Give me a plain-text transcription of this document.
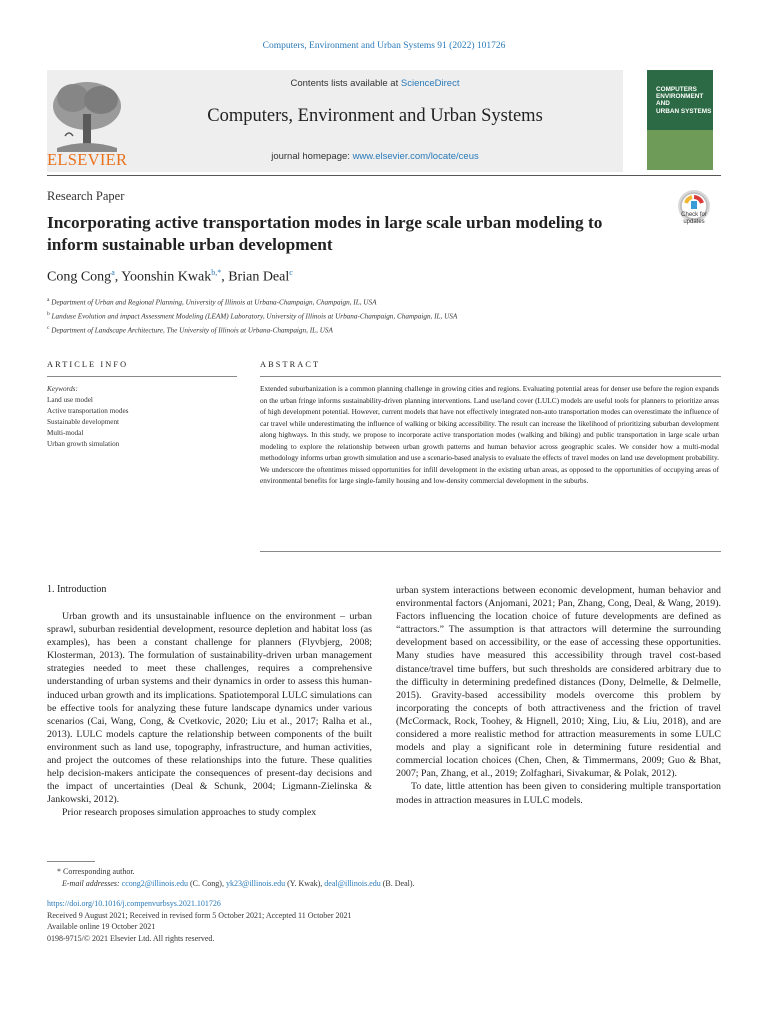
Computers, Environment and Urban Systems 91 (2022) 101726
ELSEVIER
Contents lists available at ScienceDirect
Computers, Environment and Urban Systems
journal homepage: www.elsevier.com/locate/ceus
COMPUTERS
ENVIRONMENT
AND
URBAN SYSTEMS
Research Paper
Incorporating active transportation modes in large scale urban modeling to inform sustainable urban development
Check for updates
Cong Cong$^a$, Yoonshin Kwak$^{b,*}$, Brian Deal$^c$
$^a$ Department of Urban and Regional Planning, University of Illinois at Urbana-Champaign, Champaign, IL, USA
$^b$ Landuse Evolution and impact Assessment Modeling (LEAM) Laboratory, University of Illinois at Urbana-Champaign, Champaign, IL, USA
$^c$ Department of Landscape Architecture, The University of Illinois at Urbana-Champaign, IL, USA
ARTICLE INFO
Keywords:
Land use model
Active transportation modes
Sustainable development
Multi-modal
Urban growth simulation
ABSTRACT
Extended suburbanization is a common planning challenge in growing cities and regions. Evaluating potential areas for denser use before the region expands on the urban fringe informs sustainability-driven planning interventions. Land use/land cover (LULC) models are useful tools for planners to prioritize areas of high development potential. However, current models that have not effectively integrated non-auto transportation modes can overestimate the influence of car travel while underestimating the influence of walking or biking accessibility. The result can increase the likelihood of prioritizing suburban development along highways. In this study, we propose to incorporate active transportation modes (walking and biking) and public transportation in large scale urban modeling to explore the relationship between urban growth patterns and human behavior across geographic scales. We consider how a multi-modal methodology informs urban growth simulation and use a scenario-based analysis to evaluate the effects of travel modes on land use development probability. We underscore the oftentimes missed opportunities for infill development in the existing urban areas, as opposed to the opportunities of occupying areas of environmental benefits for large single-family housing and low-density commercial development in the suburbs.
1. Introduction
Urban growth and its unsustainable influence on the environment – urban sprawl, suburban residential development, resource depletion and habitat loss (as examples), has been a constant challenge for planners (Flyvbjerg, 2008; Klosterman, 2013). The formulation of sustainability-driven urban management strategies needed to meet these challenges, requires a comprehensive understanding of urban systems and their dynamics in order to assess this human-induced urban growth and its implications. Spatiotemporal LULC simulations can be effective tools for analyzing these future landscape dynamics under various scenarios (Cai, Wang, Cong, & Cvetkovic, 2020; Liu et al., 2017; Ralha et al., 2013). LULC models capture the relationship between components of the built environment such as land use, topography, infrastructure, and human activities, and project the outcomes of these relationships into the future. These qualities help decision-makers anticipate the consequences of present-day decisions and the impact of uncertainties (Deal & Schunk, 2004; Ligmann-Zielinska & Jankowski, 2012).
Prior research proposes simulation approaches to study complex
urban system interactions between economic development, human behavior and environmental factors (Anjomani, 2021; Pan, Zhang, Cong, Deal, & Wang, 2019). Factors influencing the location choice of future developments are defined as “attractors.” The assumption is that attractors will determine the surrounding development based on accessibility, or the ease of accessing these opportunities. Many studies have measured this accessibility through travel cost-based distance/travel time buffers, but such thresholds are considered arbitrary due to the difficulty in determining predefined distances (Dony, Delmelle, & Delmelle, 2015). Gravity-based accessibility models overcome this problem by incorporating the concepts of both attractiveness and the friction of travel (McCormack, Rock, Toohey, & Hignell, 2010; Xing, Liu, & Liu, 2018), and are considered a more realistic method for attraction measurements in some LULC models and play a significant role in determining future residential and commercial location choices (Chen, Chen, & Timmermans, 2009; Guo & Bhat, 2007; Pan, Zhang, et al., 2019; Zolfaghari, Sivakumar, & Polak, 2012).
To date, little attention has been given to considering multiple transportation modes in attraction measures in LULC models.
* Corresponding author.
E-mail addresses: ccong2@illinois.edu (C. Cong), yk23@illinois.edu (Y. Kwak), deal@illinois.edu (B. Deal).
https://doi.org/10.1016/j.compenvurbsys.2021.101726
Received 9 August 2021; Received in revised form 5 October 2021; Accepted 11 October 2021
Available online 19 October 2021
0198-9715/© 2021 Elsevier Ltd. All rights reserved.
